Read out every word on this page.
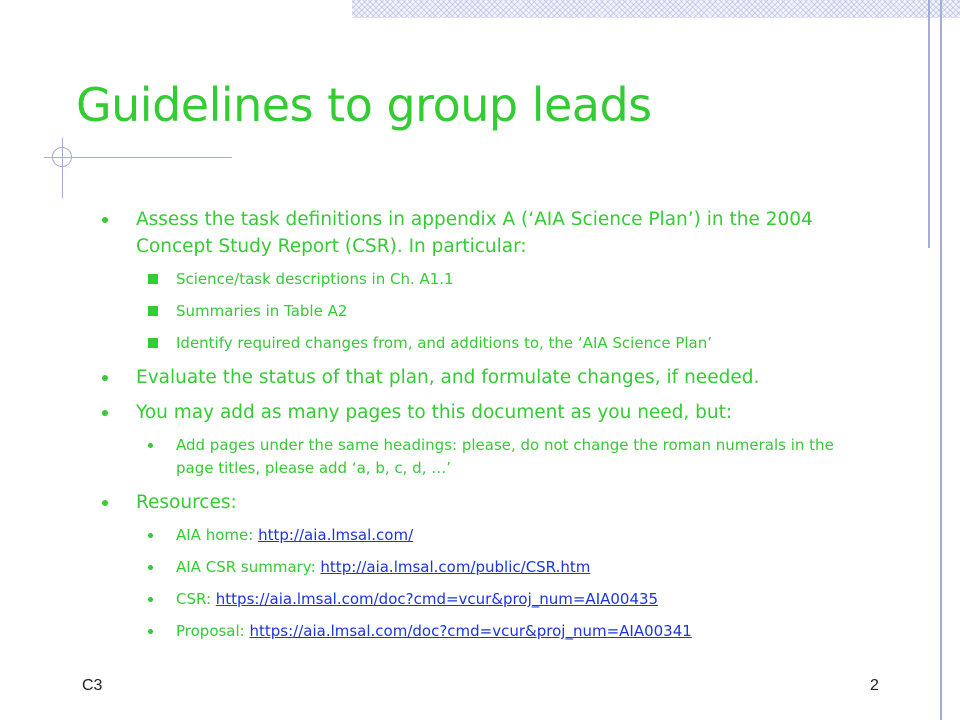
Guidelines to group leads
Assess the task definitions in appendix A (‘AIA Science Plan’) in the 2004 Concept Study Report (CSR). In particular:
Science/task descriptions in Ch. A1.1
Summaries in Table A2
Identify required changes from, and additions to, the ‘AIA Science Plan’
Evaluate the status of that plan, and formulate changes, if needed.
You may add as many pages to this document as you need, but:
Add pages under the same headings: please, do not change the roman numerals in the page titles, please add ‘a, b, c, d, …’
Resources:
AIA home: http://aia.lmsal.com/
AIA CSR summary: http://aia.lmsal.com/public/CSR.htm
CSR: https://aia.lmsal.com/doc?cmd=vcur&proj_num=AIA00435
Proposal: https://aia.lmsal.com/doc?cmd=vcur&proj_num=AIA00341
C3	2
